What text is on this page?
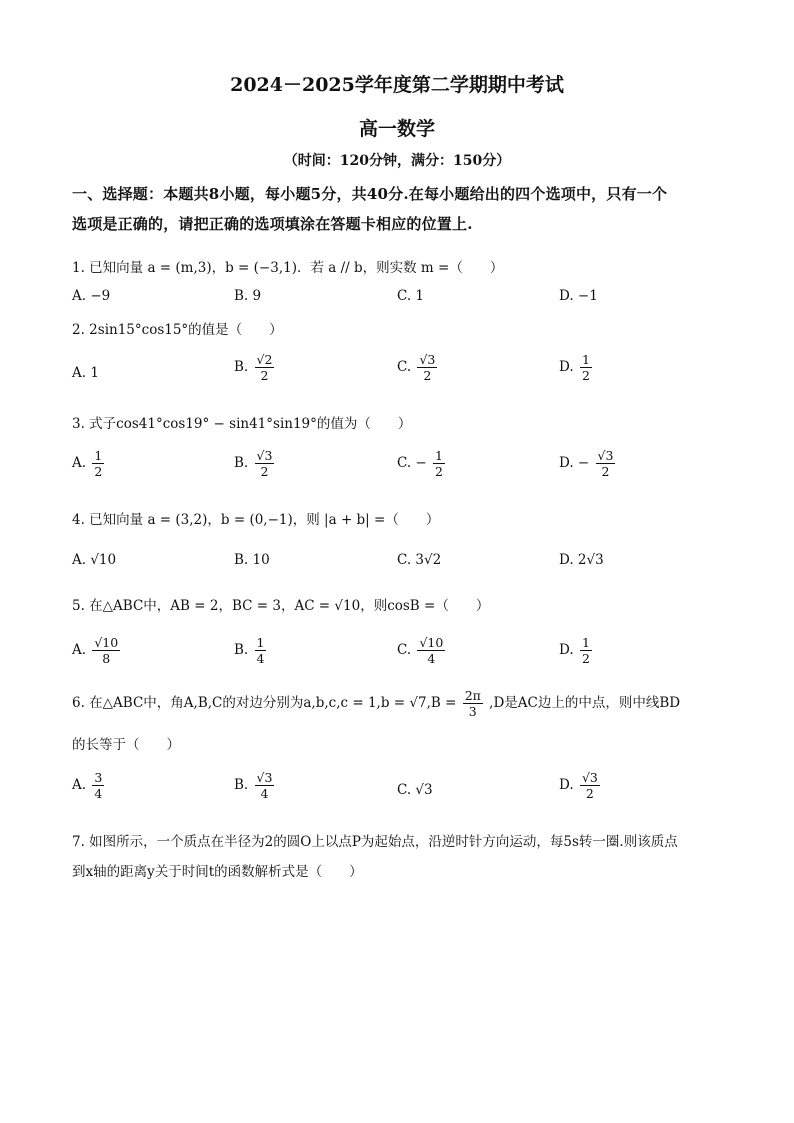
2024－2025学年度第二学期期中考试
高一数学
（时间：120分钟，满分：150分）
一、选择题：本题共8小题，每小题5分，共40分.在每小题给出的四个选项中，只有一个
选项是正确的，请把正确的选项填涂在答题卡相应的位置上.
1. 已知向量 a = (m,3)，b = (−3,1)．若 a // b，则实数 m =（　　）
A. −9	B. 9	C. 1	D. −1
2. 2sin15°cos15°的值是（　　）
A. 1	B. $\frac{√2}{2}$	C. $\frac{√3}{2}$	D. $\frac{1}{2}$
3. 式子cos41°cos19° − sin41°sin19°的值为（　　）
A. $\frac{1}{2}$	B. $\frac{√3}{2}$	C. − $\frac{1}{2}$	D. − $\frac{√3}{2}$
4. 已知向量 a = (3,2)，b = (0,−1)，则 |a + b| =（　　）
A. √10	B. 10	C. 3√2	D. 2√3
5. 在△ABC中，AB = 2，BC = 3，AC = √10，则cosB =（　　）
A. $\frac{√10}{8}$	B. $\frac{1}{4}$	C. $\frac{√10}{4}$	D. $\frac{1}{2}$
6. 在△ABC中，角A,B,C的对边分别为$a,b,c,c = 1,b = √7,B = \frac{2\pi}{3} ,D$是AC边上的中点，则中线BD
的长等于（　　）
A. $\frac{3}{4}$	B. $\frac{√3}{4}$	C. √3	D. $\frac{√3}{2}$
7. 如图所示，一个质点在半径为2的圆O上以点P为起始点，沿逆时针方向运动，每5s转一圈.则该质点
到x轴的距离y关于时间t的函数解析式是（　　）
